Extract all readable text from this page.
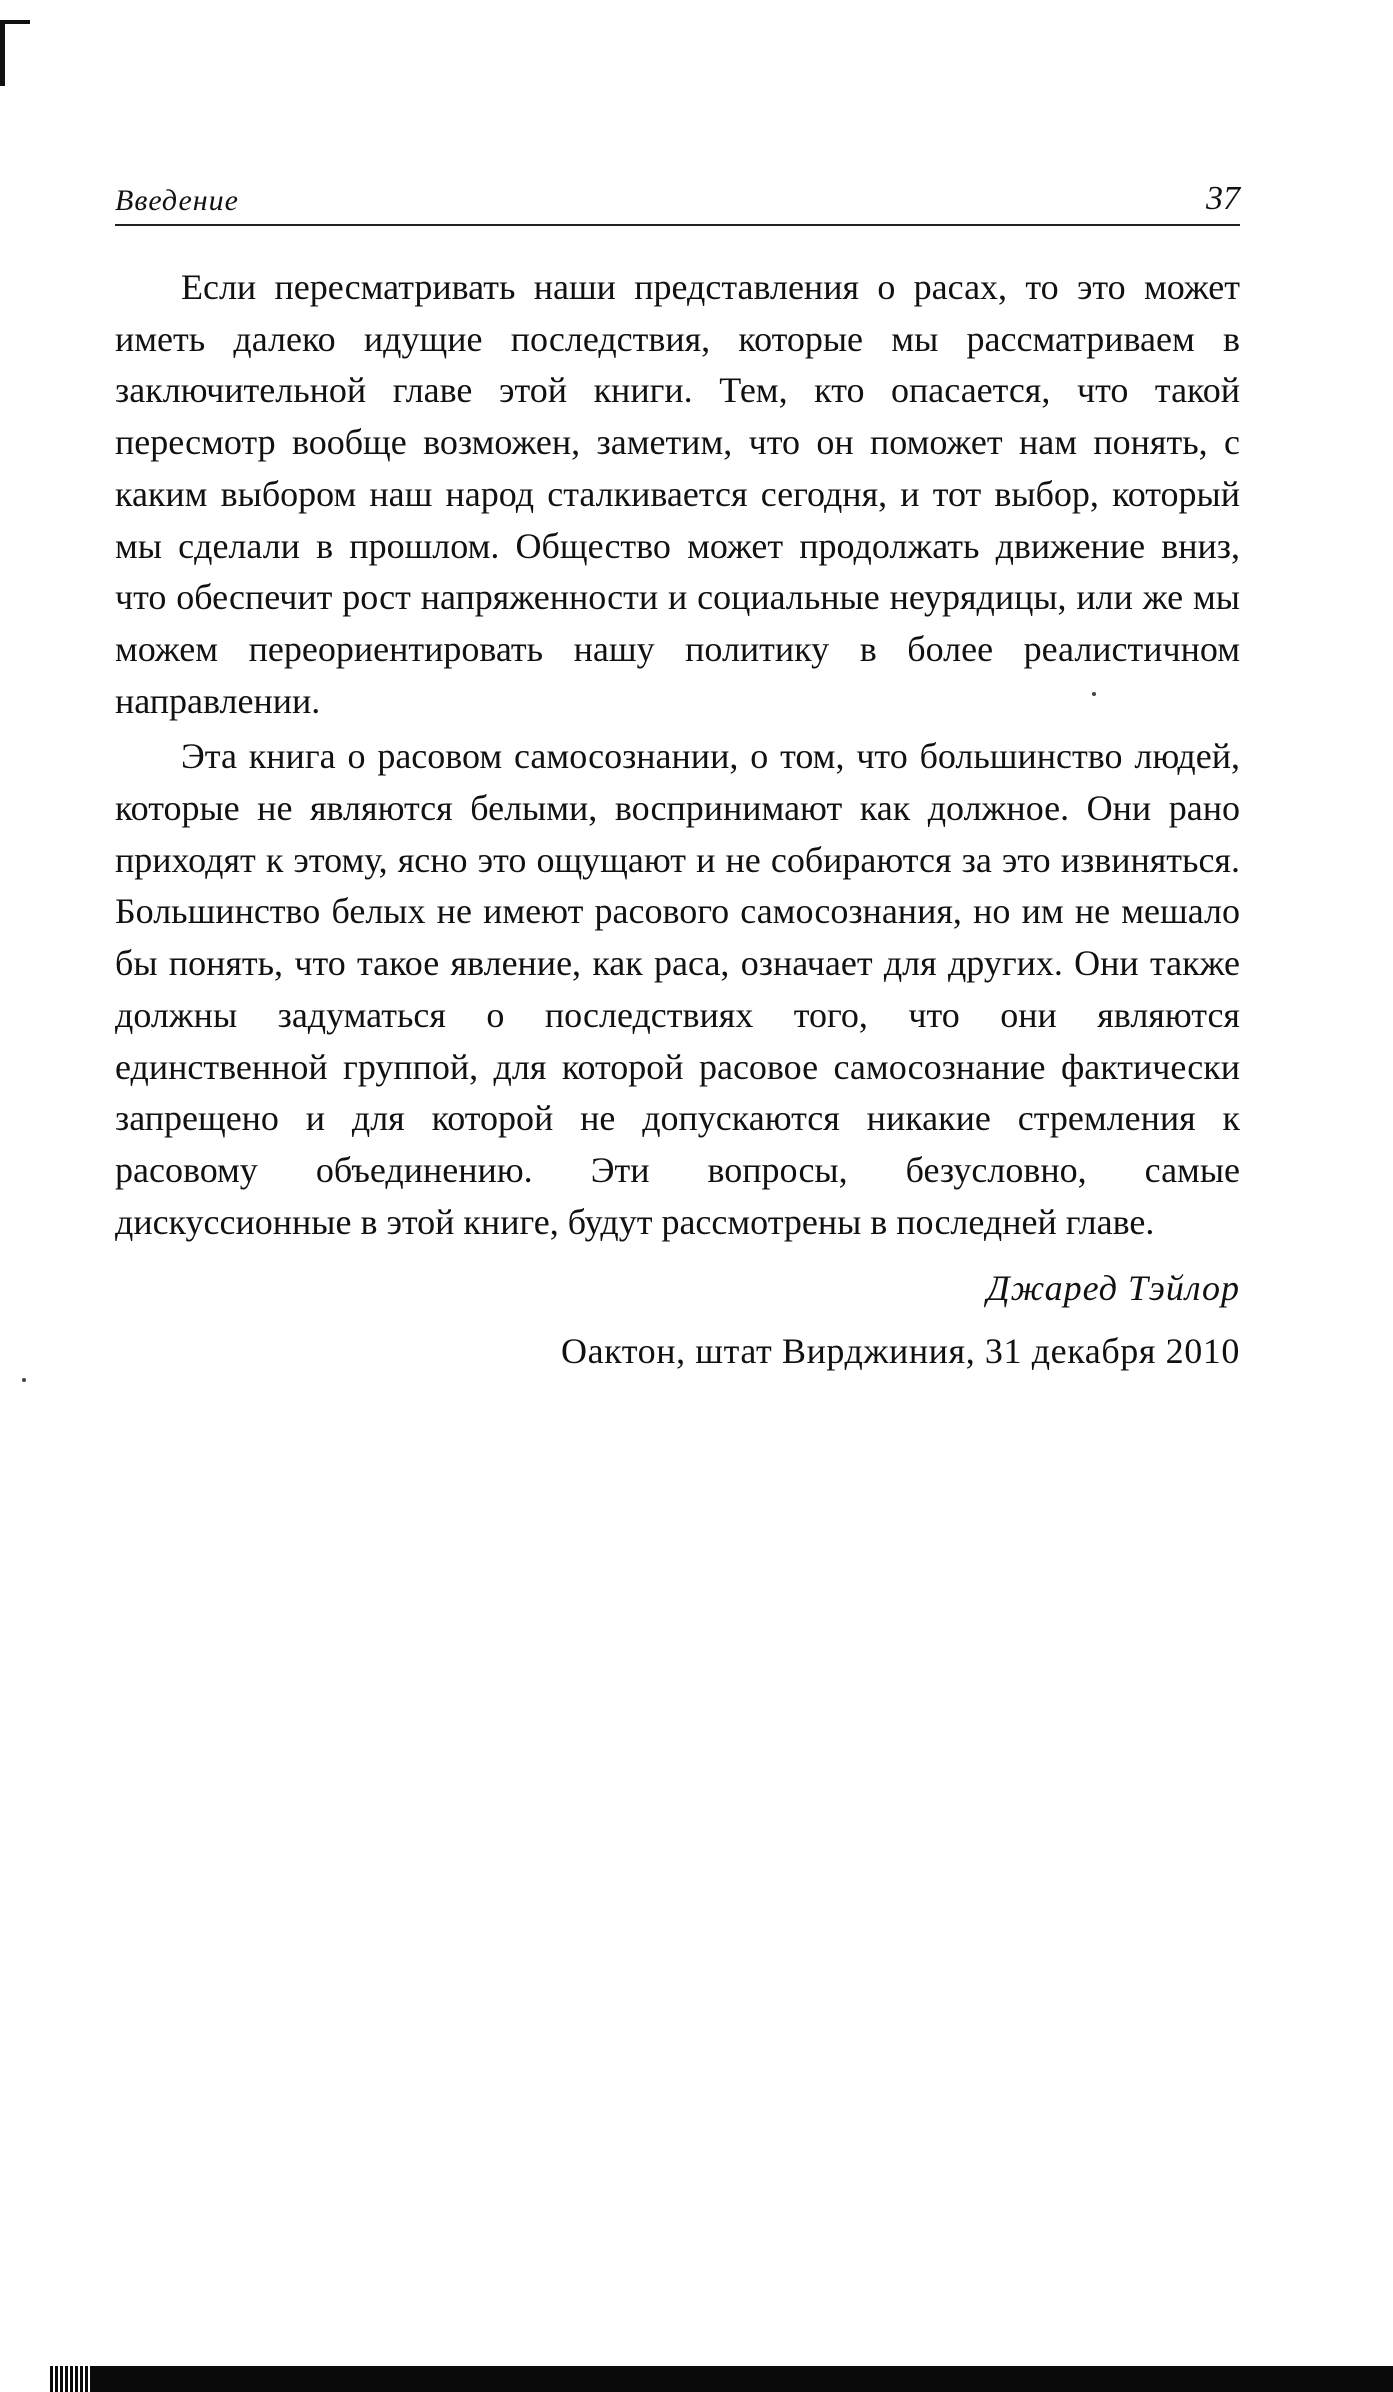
Введение	37

Если пересматривать наши представления о расах, то это может иметь далеко идущие последствия, которые мы рассматриваем в заключительной главе этой книги. Тем, кто опасается, что такой пересмотр вообще возможен, заметим, что он поможет нам понять, с каким выбором наш народ сталкивается сегодня, и тот выбор, который мы сделали в прошлом. Общество может продолжать движение вниз, что обеспечит рост напряженности и социальные неурядицы, или же мы можем переориентировать нашу политику в более реалистичном направлении.

Эта книга о расовом самосознании, о том, что большинство людей, которые не являются белыми, воспринимают как должное. Они рано приходят к этому, ясно это ощущают и не собираются за это извиняться. Большинство белых не имеют расового самосознания, но им не мешало бы понять, что такое явление, как раса, означает для других. Они также должны задуматься о последствиях того, что они являются единственной группой, для которой расовое самосознание фактически запрещено и для которой не допускаются никакие стремления к расовому объединению. Эти вопросы, безусловно, самые дискуссионные в этой книге, будут рассмотрены в последней главе.

Джаред Тэйлор
Оактон, штат Вирджиния, 31 декабря 2010
